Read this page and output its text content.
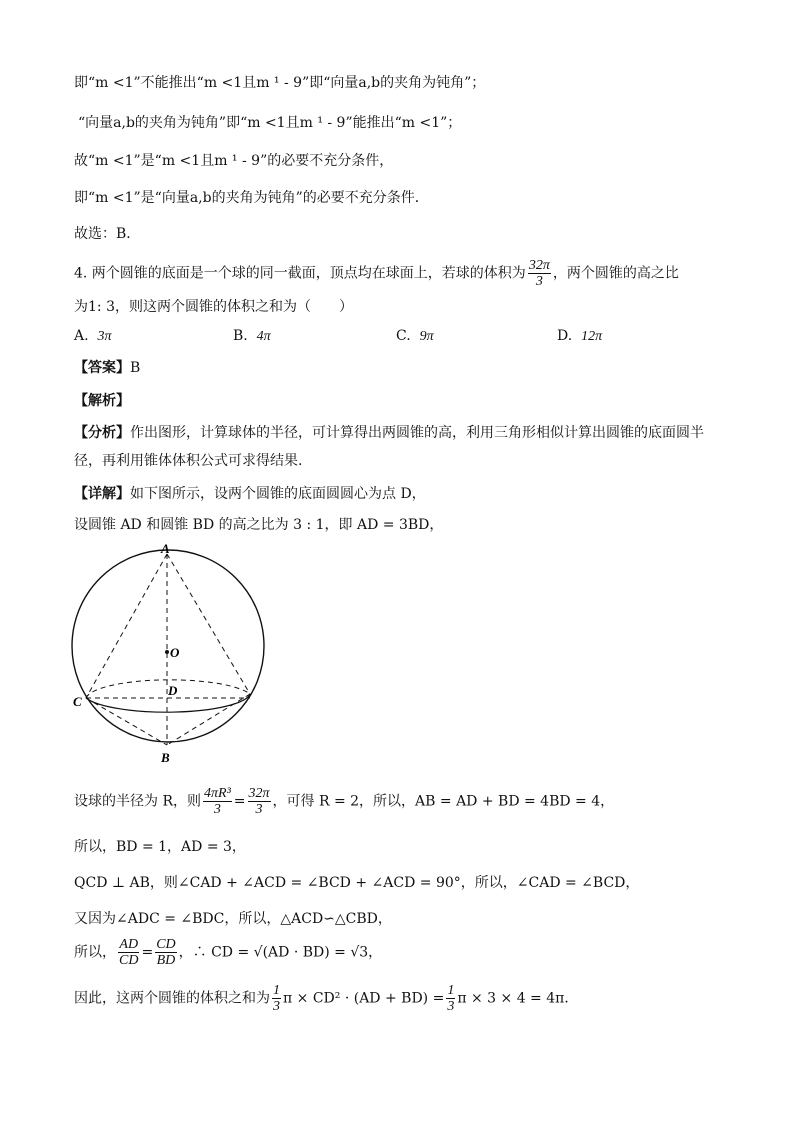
即“m <1”不能推出“m <1且m ¹ - 9”即“向量a,b的夹角为钝角”；
“向量a,b的夹角为钝角”即“m <1且m ¹ - 9”能推出“m <1”；
故“m <1”是“m <1且m ¹ - 9”的必要不充分条件，
即“m <1”是“向量a,b的夹角为钝角”的必要不充分条件．
故选：B．
4. 两个圆锥的底面是一个球的同一截面，顶点均在球面上，若球的体积为 $\frac{32\pi}{3}$ ，两个圆锥的高之比
为1: 3，则这两个圆锥的体积之和为（　　）
A. 3π	B. 4π	C. 9π	D. 12π
【答案】B
【解析】
【分析】作出图形，计算球体的半径，可计算得出两圆锥的高，利用三角形相似计算出圆锥的底面圆半
径，再利用锥体体积公式可求得结果.
【详解】如下图所示，设两个圆锥的底面圆圆心为点 D，
设圆锥 AD 和圆锥 BD 的高之比为 3 : 1，即 AD = 3BD，
A
O
D
C
B
设球的半径为 R，则 $\frac{\text{4πR³}}{3} = \frac{32\pi}{3}$ ，可得 R = 2，所以，AB = AD + BD = 4BD = 4，
所以，BD = 1，AD = 3，
QCD ⊥ AB，则∠CAD + ∠ACD = ∠BCD + ∠ACD = 90°，所以，∠CAD = ∠BCD，
又因为∠ADC = ∠BDC，所以，△ACD∽△CBD，
所以， $\frac{AD}{CD} = \frac{CD}{BD}$ ，∴ CD = √(AD · BD) = √3，
因此，这两个圆锥的体积之和为 $\frac{1}{3}$ $\pi \times CD^2 \cdot (AD + BD) = \frac{1}{3}$ π × 3 × 4 = 4π．
